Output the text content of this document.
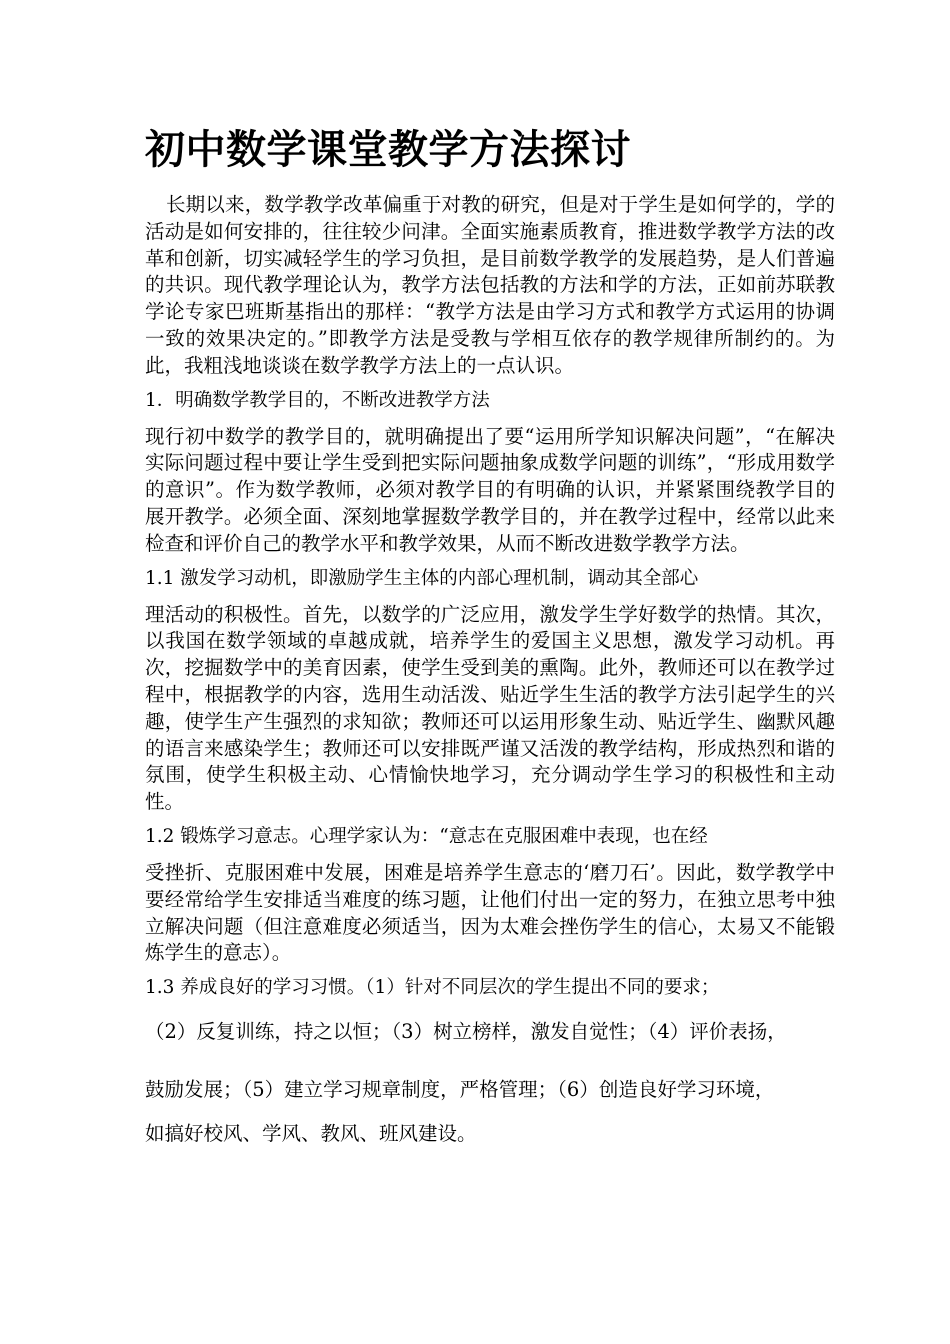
初中数学课堂教学方法探讨

长期以来，数学教学改革偏重于对教的研究，但是对于学生是如何学的，学的活动是如何安排的，往往较少问津。全面实施素质教育，推进数学教学方法的改革和创新，切实减轻学生的学习负担，是目前数学教学的发展趋势，是人们普遍的共识。现代教学理论认为，教学方法包括教的方法和学的方法，正如前苏联教学论专家巴班斯基指出的那样：“教学方法是由学习方式和教学方式运用的协调一致的效果决定的。”即教学方法是受教与学相互依存的教学规律所制约的。为此，我粗浅地谈谈在数学教学方法上的一点认识。

1．明确数学教学目的，不断改进教学方法

现行初中数学的教学目的，就明确提出了要“运用所学知识解决问题”，“在解决实际问题过程中要让学生受到把实际问题抽象成数学问题的训练”，“形成用数学的意识”。作为数学教师，必须对教学目的有明确的认识，并紧紧围绕教学目的展开教学。必须全面、深刻地掌握数学教学目的，并在教学过程中，经常以此来检查和评价自己的教学水平和教学效果，从而不断改进数学教学方法。

1.1 激发学习动机，即激励学生主体的内部心理机制，调动其全部心

理活动的积极性。首先，以数学的广泛应用，激发学生学好数学的热情。其次，以我国在数学领域的卓越成就，培养学生的爱国主义思想，激发学习动机。再次，挖掘数学中的美育因素，使学生受到美的熏陶。此外，教师还可以在教学过程中，根据教学的内容，选用生动活泼、贴近学生生活的教学方法引起学生的兴趣，使学生产生强烈的求知欲；教师还可以运用形象生动、贴近学生、幽默风趣的语言来感染学生；教师还可以安排既严谨又活泼的教学结构，形成热烈和谐的氛围，使学生积极主动、心情愉快地学习，充分调动学生学习的积极性和主动性。

1.2 锻炼学习意志。心理学家认为：“意志在克服困难中表现，也在经

受挫折、克服困难中发展，困难是培养学生意志的‘磨刀石’。因此，数学教学中要经常给学生安排适当难度的练习题，让他们付出一定的努力，在独立思考中独立解决问题（但注意难度必须适当，因为太难会挫伤学生的信心，太易又不能锻炼学生的意志）。

1.3 养成良好的学习习惯。（1）针对不同层次的学生提出不同的要求；

（2）反复训练，持之以恒；（3）树立榜样，激发自觉性；（4）评价表扬，

鼓励发展；（5）建立学习规章制度，严格管理；（6）创造良好学习环境，

如搞好校风、学风、教风、班风建设。
